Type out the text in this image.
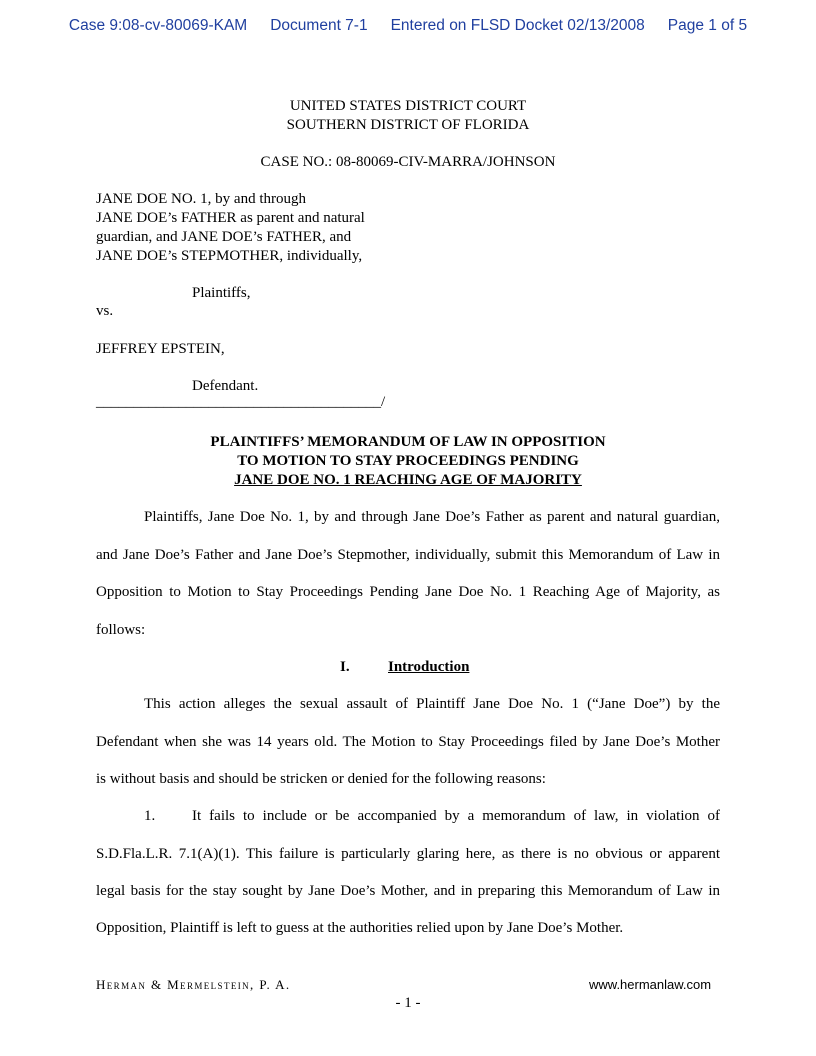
Case 9:08-cv-80069-KAM Document 7-1 Entered on FLSD Docket 02/13/2008 Page 1 of 5
UNITED STATES DISTRICT COURT
SOUTHERN DISTRICT OF FLORIDA
CASE NO.: 08-80069-CIV-MARRA/JOHNSON
JANE DOE NO. 1, by and through
JANE DOE’s FATHER as parent and natural
guardian, and JANE DOE’s FATHER, and
JANE DOE’s STEPMOTHER, individually,
Plaintiffs,
vs.
JEFFREY EPSTEIN,
Defendant.
______________________________________/
PLAINTIFFS’ MEMORANDUM OF LAW IN OPPOSITION
TO MOTION TO STAY PROCEEDINGS PENDING
JANE DOE NO. 1 REACHING AGE OF MAJORITY
Plaintiffs, Jane Doe No. 1, by and through Jane Doe’s Father as parent and natural guardian,
and Jane Doe’s Father and Jane Doe’s Stepmother, individually, submit this Memorandum of Law in
Opposition to Motion to Stay Proceedings Pending Jane Doe No. 1 Reaching Age of Majority, as
follows:
I.	Introduction
This action alleges the sexual assault of Plaintiff Jane Doe No. 1 (“Jane Doe”) by the
Defendant when she was 14 years old. The Motion to Stay Proceedings filed by Jane Doe’s Mother
is without basis and should be stricken or denied for the following reasons:
1. It fails to include or be accompanied by a memorandum of law, in violation of
S.D.Fla.L.R. 7.1(A)(1). This failure is particularly glaring here, as there is no obvious or apparent
legal basis for the stay sought by Jane Doe’s Mother, and in preparing this Memorandum of Law in
Opposition, Plaintiff is left to guess at the authorities relied upon by Jane Doe’s Mother.
Herman & Mermelstein, P. A.	www.hermanlaw.com
- 1 -
